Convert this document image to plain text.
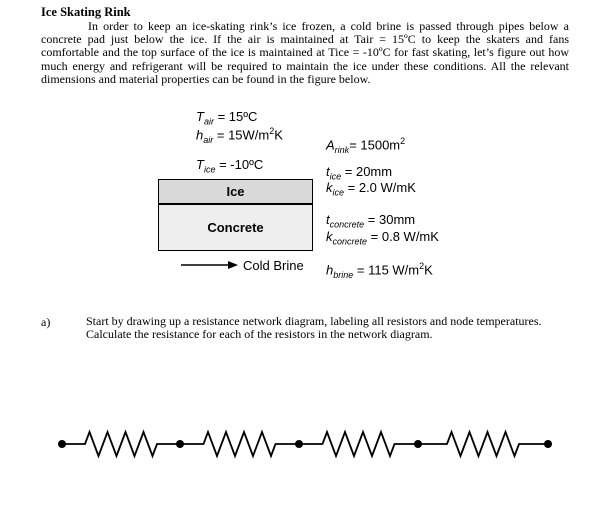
Ice Skating Rink
In order to keep an ice-skating rink’s ice frozen, a cold brine is passed through pipes below a concrete pad just below the ice. If the air is maintained at Tair = 15ºC to keep the skaters and fans comfortable and the top surface of the ice is maintained at Tice = -10ºC for fast skating, let’s figure out how much energy and refrigerant will be required to maintain the ice under these conditions. All the relevant dimensions and material properties can be found in the figure below.
$T_{air}$ = 15ºC
$h_{air} = 15W/m^2K$
$T_{ice}$ = -10ºC
Ice
Concrete
Cold Brine
$A_{rink}= 1500m^2$
$t_{ice} = 20mm$
$k_{ice} = 2.0$ W/mK
$t_{concrete} = 30mm$
$k_{concrete} = 0.8$ W/mK
$h_{brine} = 115$ $W/m^2K$
a)	Start by drawing up a resistance network diagram, labeling all resistors and node temperatures. Calculate the resistance for each of the resistors in the network diagram.
